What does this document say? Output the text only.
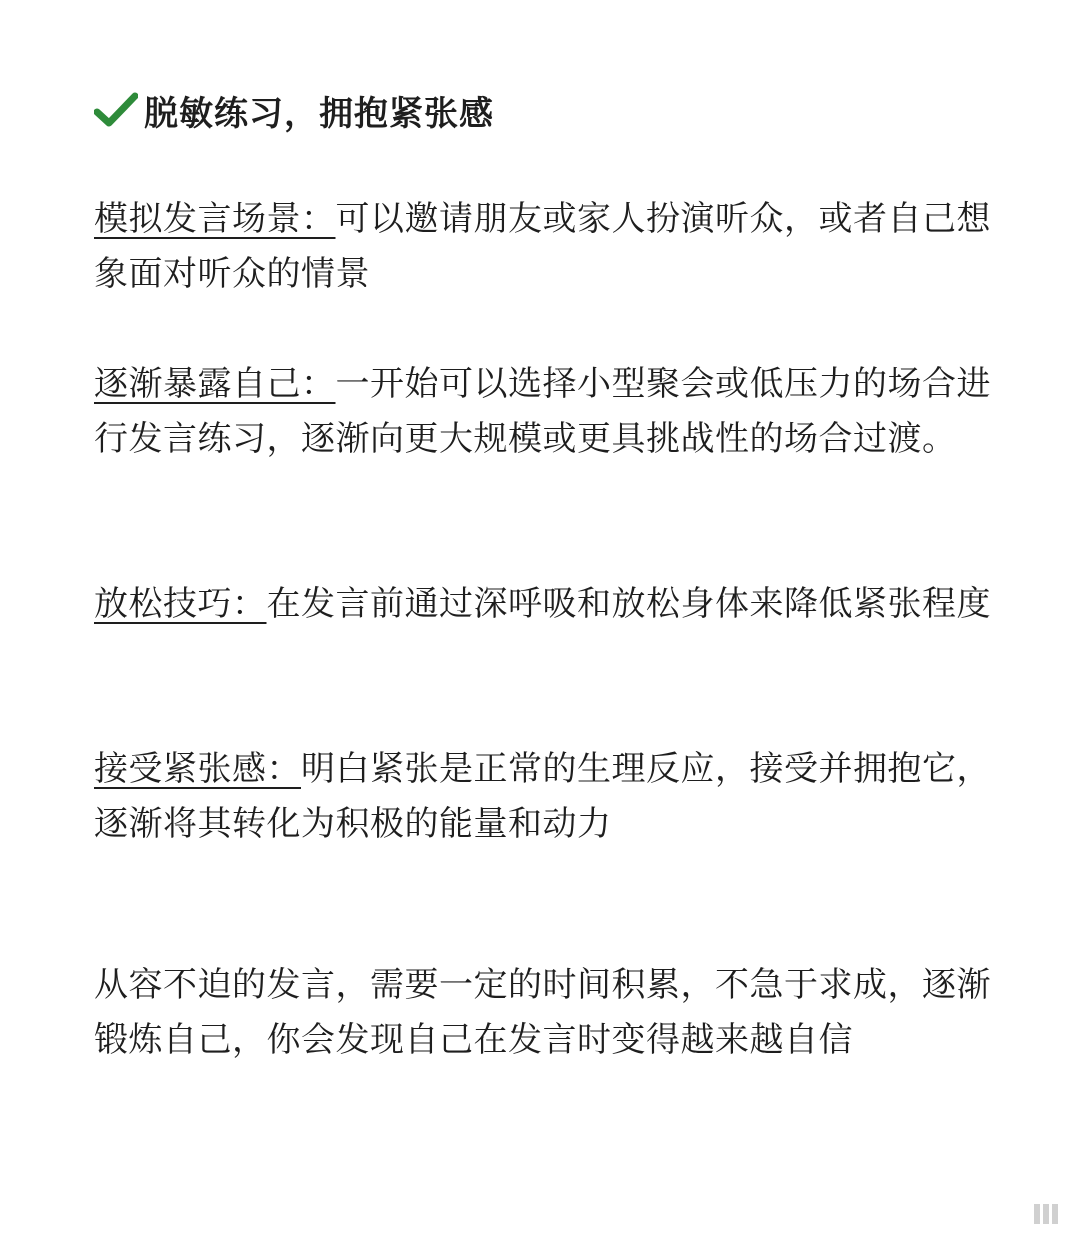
脱敏练习，拥抱紧张感
模拟发言场景：可以邀请朋友或家人扮演听众，或者自己想象面对听众的情景
逐渐暴露自己：一开始可以选择小型聚会或低压力的场合进行发言练习，逐渐向更大规模或更具挑战性的场合过渡。
放松技巧：在发言前通过深呼吸和放松身体来降低紧张程度
接受紧张感：明白紧张是正常的生理反应，接受并拥抱它，逐渐将其转化为积极的能量和动力
从容不迫的发言，需要一定的时间积累，不急于求成，逐渐锻炼自己，你会发现自己在发言时变得越来越自信
